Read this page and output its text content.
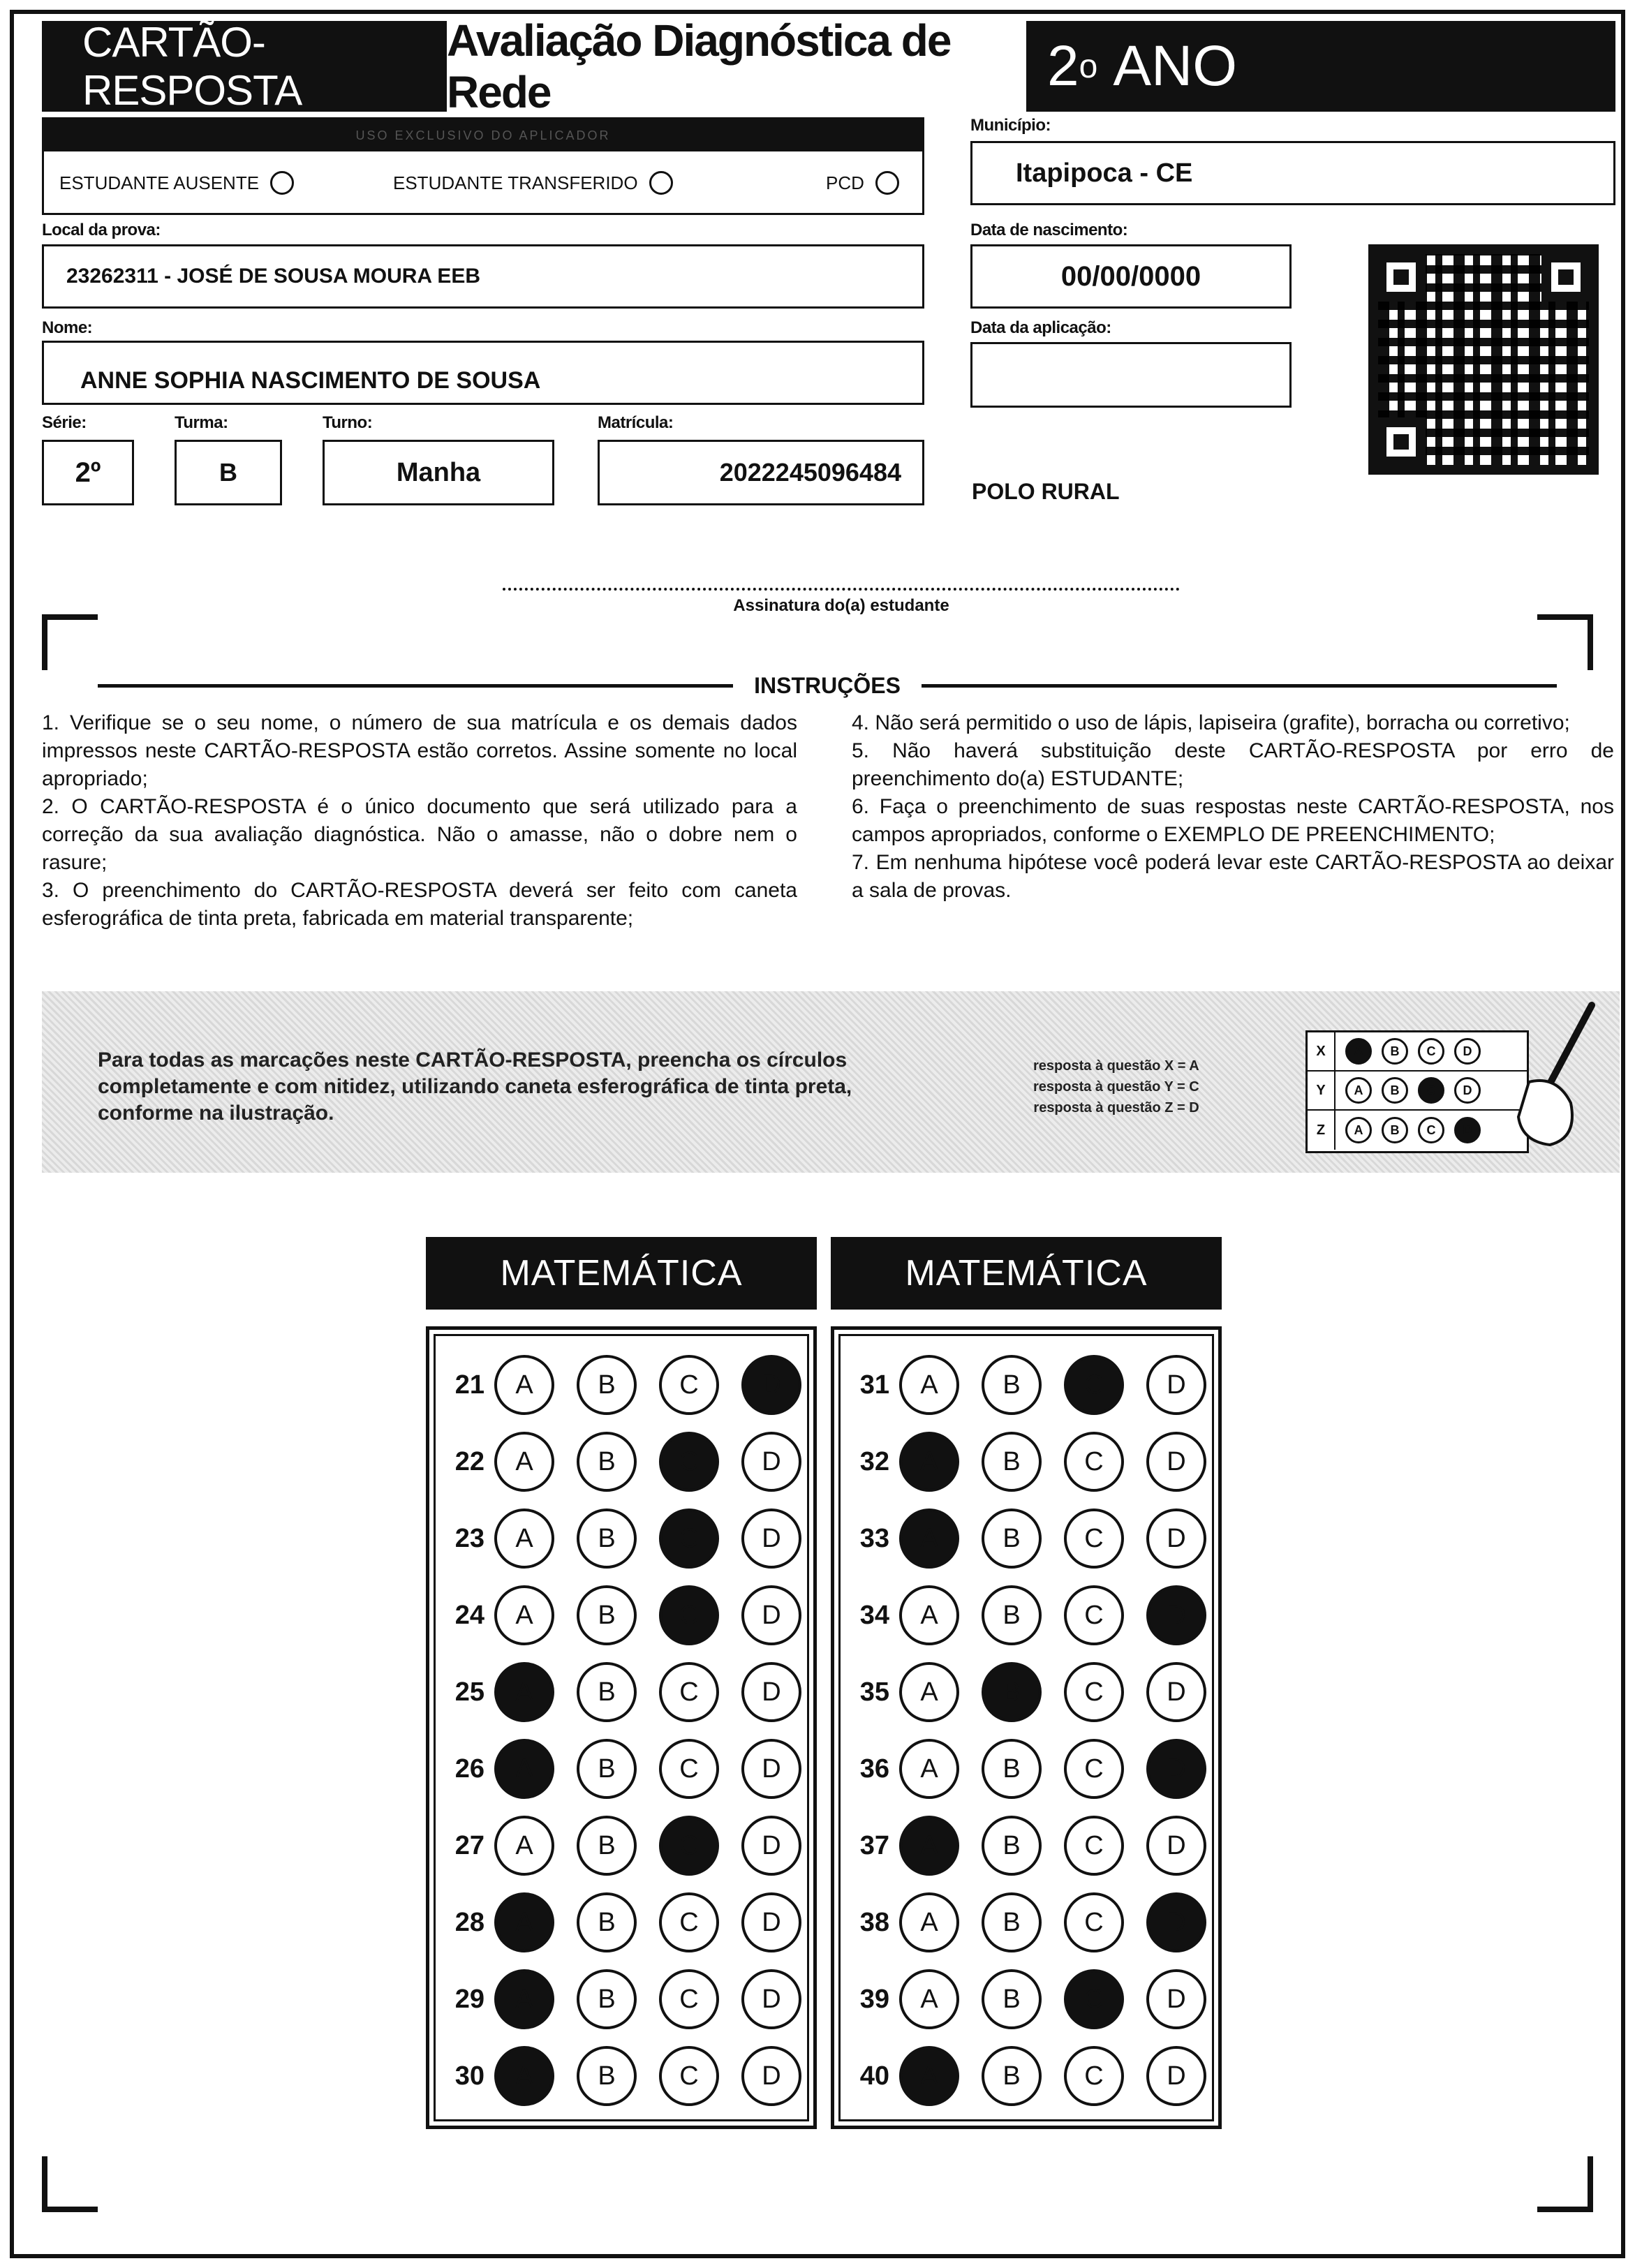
CARTÃO-RESPOSTA
Avaliação Diagnóstica de Rede	2 o ANO
USO EXCLUSIVO DO APLICADOR
ESTUDANTE AUSENTE	ESTUDANTE TRANSFERIDO	PCD
Município:
Itapipoca - CE
Data de nascimento:
00/00/0000
Data da aplicação:
Local da prova:
23262311 - JOSÉ DE SOUSA MOURA EEB
Nome:
ANNE SOPHIA NASCIMENTO DE SOUSA
Série:
2º
Turma:
B
Turno:
Manha
Matrícula:
2022245096484
POLO RURAL
Assinatura do(a) estudante
INSTRUÇÕES

1. Verifique se o seu nome, o número de sua matrícula e os demais dados impressos neste CARTÃO-RESPOSTA estão corretos. Assine somente no local apropriado;

2. O CARTÃO-RESPOSTA é o único documento que será utilizado para a correção da sua avaliação diagnóstica. Não o amasse, não o dobre nem o rasure;

3. O preenchimento do CARTÃO-RESPOSTA deverá ser feito com caneta esferográfica de tinta preta, fabricada em material transparente;

4. Não será permitido o uso de lápis, lapiseira (grafite), borracha ou corretivo;

5. Não haverá substituição deste CARTÃO-RESPOSTA por erro de preenchimento do(a) ESTUDANTE;

6. Faça o preenchimento de suas respostas neste CARTÃO-RESPOSTA, nos campos apropriados, conforme o EXEMPLO DE PREENCHIMENTO;

7. Em nenhuma hipótese você poderá levar este CARTÃO-RESPOSTA ao deixar a sala de provas.

Para todas as marcações neste CARTÃO-RESPOSTA, preencha os círculos completamente e com nitidez, utilizando caneta esferográfica de tinta preta, conforme na ilustração.
resposta à questão X = A
resposta à questão Y = C
resposta à questão Z = D
X	A	B	C	D
Y	A	B	C	D
Z	A	B	C	D
MATEMÁTICA	MATEMÁTICA
21	A	B	C	D
22	A	B	C	D
23	A	B	C	D
24	A	B	C	D
25	A	B	C	D
26	A	B	C	D
27	A	B	C	D
28	A	B	C	D
29	A	B	C	D
30	A	B	C	D
31	A	B	C	D
32	A	B	C	D
33	A	B	C	D
34	A	B	C	D
35	A	B	C	D
36	A	B	C	D
37	A	B	C	D
38	A	B	C	D
39	A	B	C	D
40	A	B	C	D
